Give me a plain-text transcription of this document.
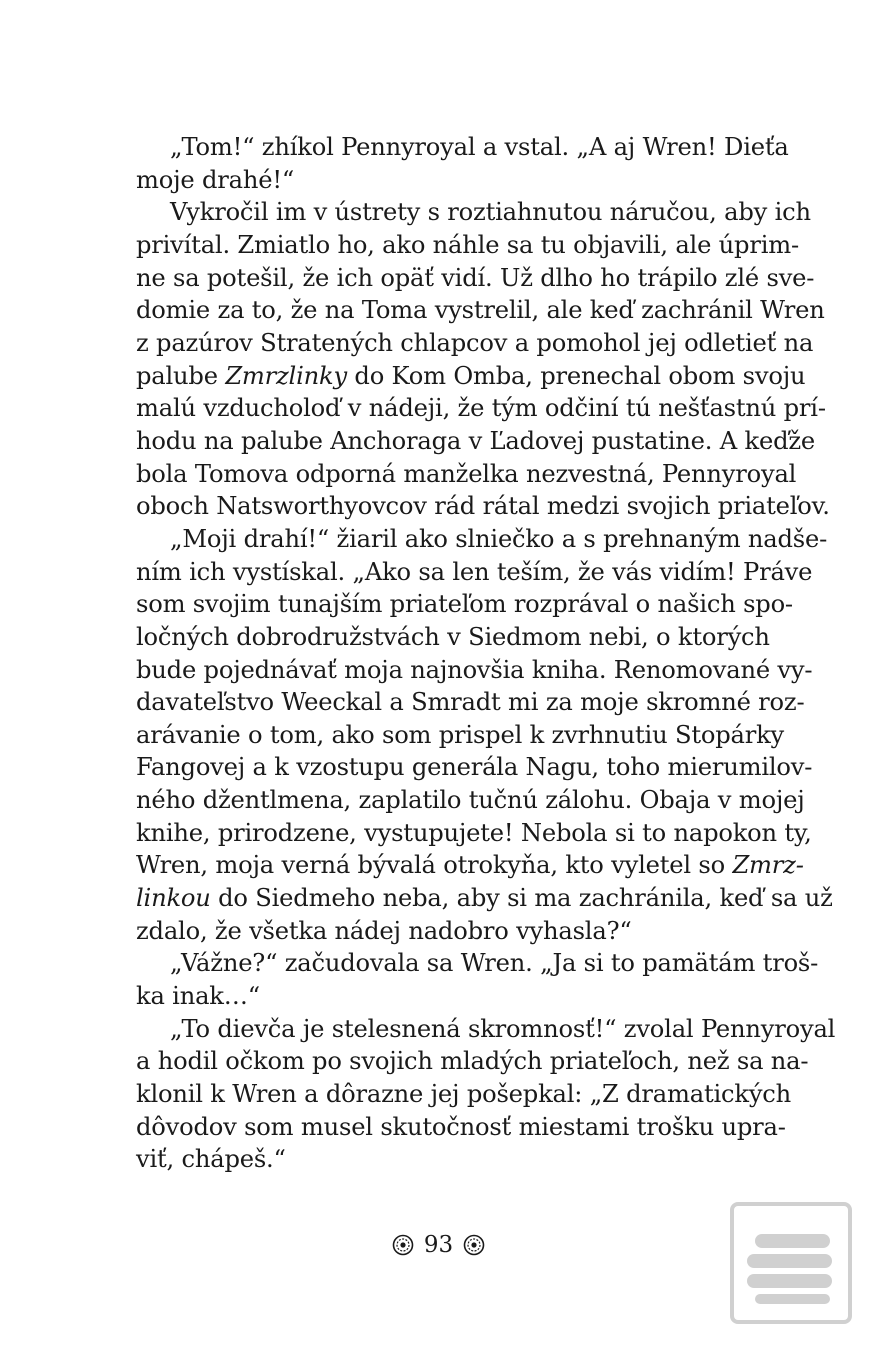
„Tom!“ zhíkol Pennyroyal a vstal. „A aj Wren! Dieťa
moje drahé!“
Vykročil im v ústrety s roztiahnutou náručou, aby ich
privítal. Zmiatlo ho, ako náhle sa tu objavili, ale úprim-
ne sa potešil, že ich opäť vidí. Už dlho ho trápilo zlé sve-
domie za to, že na Toma vystrelil, ale keď zachránil Wren
z pazúrov Stratených chlapcov a pomohol jej odletieť na
palube Zmrzlinky do Kom Omba, prenechal obom svoju
malú vzducholoď v nádeji, že tým odčiní tú nešťastnú prí-
hodu na palube Anchoraga v Ľadovej pustatine. A keďže
bola Tomova odporná manželka nezvestná, Pennyroyal
oboch Natsworthyovcov rád rátal medzi svojich priateľov.
„Moji drahí!“ žiaril ako slniečko a s prehnaným nadše-
ním ich vystískal. „Ako sa len teším, že vás vidím! Práve
som svojim tunajším priateľom rozprával o našich spo-
ločných dobrodružstvách v Siedmom nebi, o ktorých
bude pojednávať moja najnovšia kniha. Renomované vy-
davateľstvo Weeckal a Smradt mi za moje skromné roz-
arávanie o tom, ako som prispel k zvrhnutiu Stopárky
Fangovej a k vzostupu generála Nagu, toho mierumilov-
ného džentlmena, zaplatilo tučnú zálohu. Obaja v mojej
knihe, prirodzene, vystupujete! Nebola si to napokon ty,
Wren, moja verná bývalá otrokyňa, kto vyletel so Zmrz-
linkou do Siedmeho neba, aby si ma zachránila, keď sa už
zdalo, že všetka nádej nadobro vyhasla?“
„Vážne?“ začudovala sa Wren. „Ja si to pamätám troš-
ka inak…“
„To dievča je stelesnená skromnosť!“ zvolal Pennyroyal
a hodil očkom po svojich mladých priateľoch, než sa na-
klonil k Wren a dôrazne jej pošepkal: „Z dramatických
dôvodov som musel skutočnosť miestami trošku upra-
viť, chápeš.“
93
